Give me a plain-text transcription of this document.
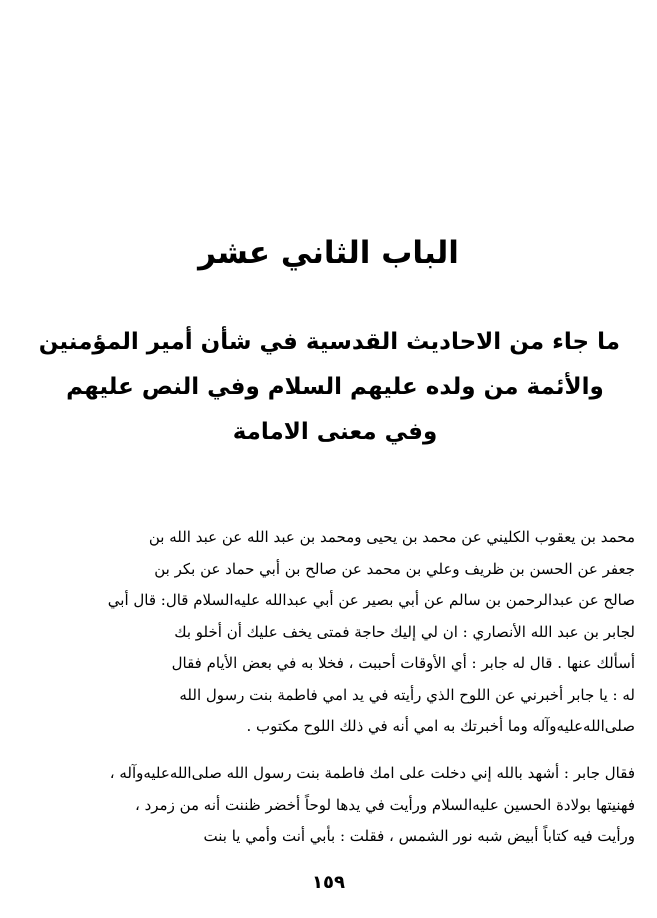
الباب الثاني عشر
ما جاء من الاحاديث القدسية في شأن أمير المؤمنين
والأئمة من ولده عليهم السلام وفي النص عليهم
وفي معنى الامامة
محمد بن يعقوب الكليني عن محمد بن يحيى ومحمد بن عبد الله عن عبد الله بن
جعفر عن الحسن بن ظريف وعلي بن محمد عن صالح بن أبي حماد عن بكر بن
صالح عن عبدالرحمن بن سالم عن أبي بصير عن أبي عبدالله عليه‌السلام قال: قال أبي
لجابر بن عبد الله الأنصاري : ان لي إليك حاجة فمتى يخف عليك أن أخلو بك
أسألك عنها . قال له جابر : أي الأوقات أحببت ، فخلا به في بعض الأيام فقال
له : يا جابر أخبرني عن اللوح الذي رأيته في يد امي فاطمة بنت رسول الله
صلى‌الله‌عليه‌وآله وما أخبرتك به امي أنه في ذلك اللوح مكتوب .
فقال جابر : أشهد بالله إني دخلت على امك فاطمة بنت رسول الله صلى‌الله‌عليه‌وآله ،
فهنيتها بولادة الحسين عليه‌السلام ورأيت في يدها لوحاً أخضر ظننت أنه من زمرد ،
ورأيت فيه كتاباً أبيض شبه نور الشمس ، فقلت : بأبي أنت وأمي يا بنت
١٥٩
